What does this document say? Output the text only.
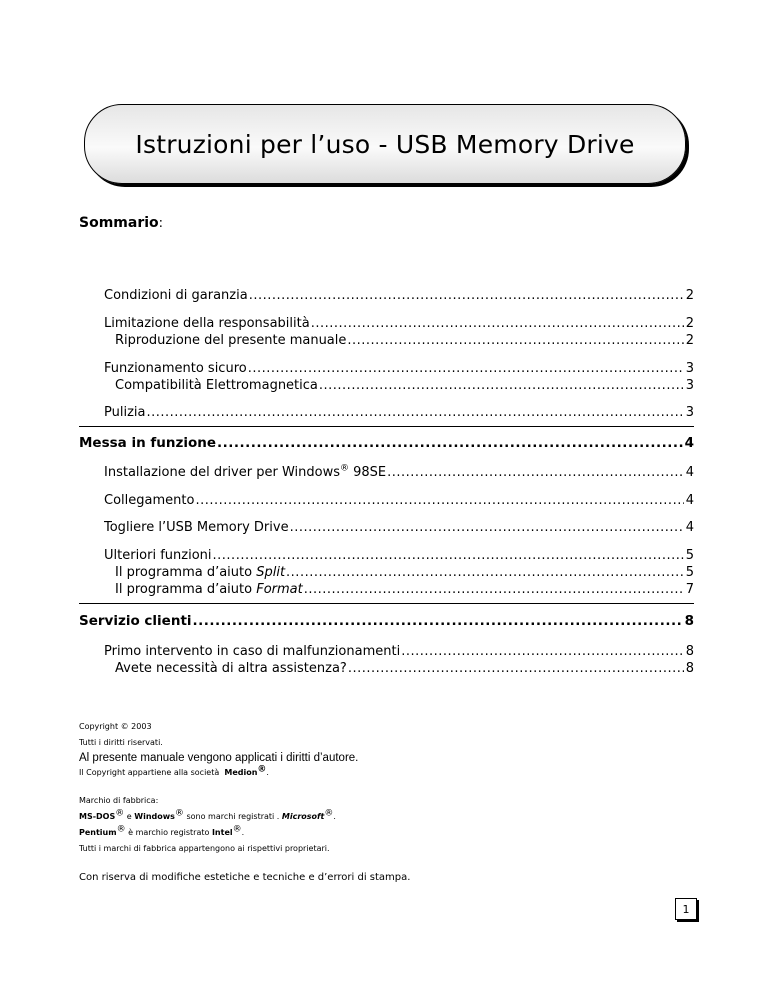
Istruzioni per l’uso - USB Memory Drive
Sommario:
Condizioni di garanzia .....	2
Limitazione della responsabilità .....	2
Riproduzione del presente manuale .....	2
Funzionamento sicuro .....	3
Compatibilità Elettromagnetica .....	3
Pulizia .....	3
Messa in funzione .....	4
Installazione del driver per Windows® 98SE .....	4
Collegamento .....	4
Togliere l’USB Memory Drive .....	4
Ulteriori funzioni .....	5
Il programma d’aiuto Split .....	5
Il programma d’aiuto Format .....	7
Servizio clienti .....	8
Primo intervento in caso di malfunzionamenti .....	8
Avete necessità di altra assistenza? .....	8
Copyright © 2003
Tutti i diritti riservati.
Al presente manuale vengono applicati i diritti d’autore.
Il Copyright appartiene alla società Medion®.
Marchio di fabbrica:
MS-DOS® e Windows® sono marchi registrati . Microsoft®.
Pentium® è marchio registrato Intel®.
Tutti i marchi di fabbrica appartengono ai rispettivi proprietari.
Con riserva di modifiche estetiche e tecniche e d’errori di stampa.
1
